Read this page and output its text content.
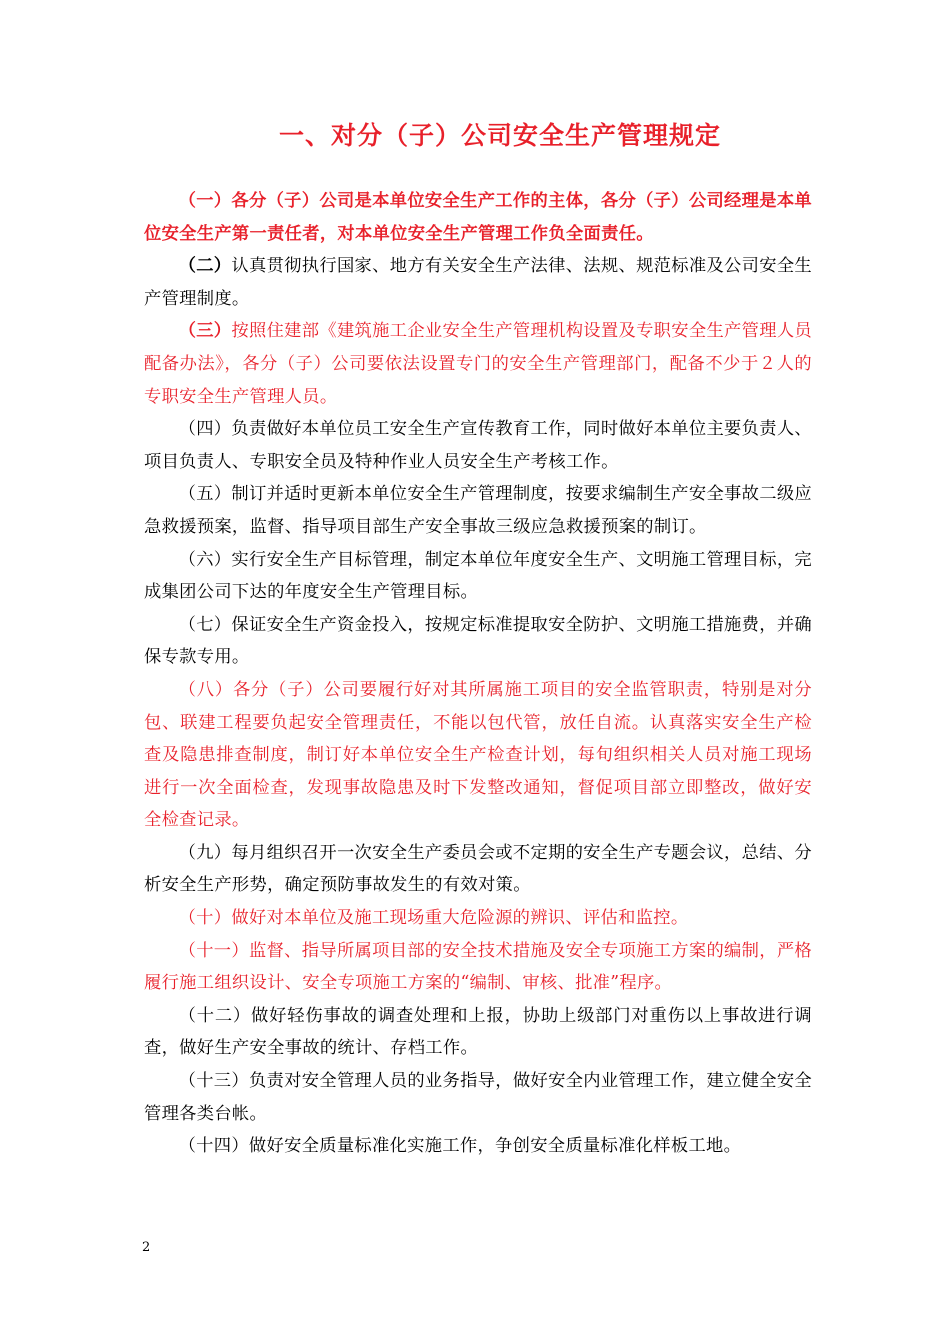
一、对分（子）公司安全生产管理规定

（一）各分（子）公司是本单位安全生产工作的主体，各分（子）公司经理是本单位安全生产第一责任者，对本单位安全生产管理工作负全面责任。

（二）认真贯彻执行国家、地方有关安全生产法律、法规、规范标准及公司安全生产管理制度。

（三）按照住建部《建筑施工企业安全生产管理机构设置及专职安全生产管理人员配备办法》，各分（子）公司要依法设置专门的安全生产管理部门，配备不少于２人的专职安全生产管理人员。

（四）负责做好本单位员工安全生产宣传教育工作，同时做好本单位主要负责人、项目负责人、专职安全员及特种作业人员安全生产考核工作。

（五）制订并适时更新本单位安全生产管理制度，按要求编制生产安全事故二级应急救援预案，监督、指导项目部生产安全事故三级应急救援预案的制订。

（六）实行安全生产目标管理，制定本单位年度安全生产、文明施工管理目标，完成集团公司下达的年度安全生产管理目标。

（七）保证安全生产资金投入，按规定标准提取安全防护、文明施工措施费，并确保专款专用。

（八）各分（子）公司要履行好对其所属施工项目的安全监管职责，特别是对分包、联建工程要负起安全管理责任，不能以包代管，放任自流。认真落实安全生产检查及隐患排查制度，制订好本单位安全生产检查计划，每旬组织相关人员对施工现场进行一次全面检查，发现事故隐患及时下发整改通知，督促项目部立即整改，做好安全检查记录。

（九）每月组织召开一次安全生产委员会或不定期的安全生产专题会议，总结、分析安全生产形势，确定预防事故发生的有效对策。

（十）做好对本单位及施工现场重大危险源的辨识、评估和监控。

（十一）监督、指导所属项目部的安全技术措施及安全专项施工方案的编制，严格履行施工组织设计、安全专项施工方案的“编制、审核、批准”程序。

（十二）做好轻伤事故的调查处理和上报，协助上级部门对重伤以上事故进行调查，做好生产安全事故的统计、存档工作。

（十三）负责对安全管理人员的业务指导，做好安全内业管理工作，建立健全安全管理各类台帐。

（十四）做好安全质量标准化实施工作，争创安全质量标准化样板工地。

2
